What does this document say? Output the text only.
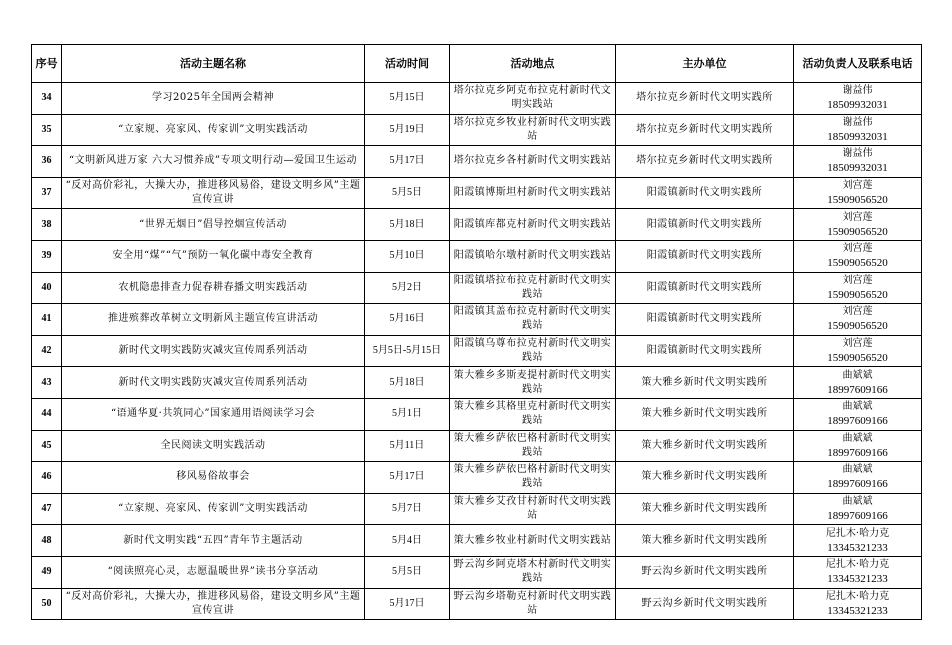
序号	活动主题名称	活动时间	活动地点	主办单位	活动负责人及联系电话
34	学习2025年全国两会精神	5月15日	塔尔拉克乡阿克布拉克村新时代文明实践站	塔尔拉克乡新时代文明实践所	谢益伟
18509932031

35	“立家规、亮家风、传家训”文明实践活动	5月19日	塔尔拉克乡牧业村新时代文明实践站	塔尔拉克乡新时代文明实践所	谢益伟
18509932031

36	“文明新风进万家 六大习惯养成”专项文明行动—爱国卫生运动	5月17日	塔尔拉克乡各村新时代文明实践站	塔尔拉克乡新时代文明实践所	谢益伟
18509932031

37	“反对高价彩礼，大操大办，推进移风易俗，建设文明乡风”主题宣传宣讲	5月5日	阳霞镇博斯坦村新时代文明实践站	阳霞镇新时代文明实践所	刘宫莲
15909056520

38	“世界无烟日”倡导控烟宣传活动	5月18日	阳霞镇库都克村新时代文明实践站	阳霞镇新时代文明实践所	刘宫莲
15909056520

39	安全用“煤”“气”预防一氧化碳中毒安全教育	5月10日	阳霞镇哈尔墩村新时代文明实践站	阳霞镇新时代文明实践所	刘宫莲
15909056520

40	农机隐患排查力促春耕春播文明实践活动	5月2日	阳霞镇塔拉布拉克村新时代文明实践站	阳霞镇新时代文明实践所	刘宫莲
15909056520

41	推进殡葬改革树立文明新风主题宣传宣讲活动	5月16日	阳霞镇其盖布拉克村新时代文明实践站	阳霞镇新时代文明实践所	刘宫莲
15909056520

42	新时代文明实践防灾减灾宣传周系列活动	5月5日-5月15日	阳霞镇乌尊布拉克村新时代文明实践站	阳霞镇新时代文明实践所	刘宫莲
15909056520

43	新时代文明实践防灾减灾宣传周系列活动	5月18日	策大雅乡多斯麦提村新时代文明实践站	策大雅乡新时代文明实践所	曲斌斌
18997609166

44	“语通华夏·共筑同心”国家通用语阅读学习会	5月1日	策大雅乡其格里克村新时代文明实践站	策大雅乡新时代文明实践所	曲斌斌
18997609166

45	全民阅读文明实践活动	5月11日	策大雅乡萨依巴格村新时代文明实践站	策大雅乡新时代文明实践所	曲斌斌
18997609166

46	移风易俗故事会	5月17日	策大雅乡萨依巴格村新时代文明实践站	策大雅乡新时代文明实践所	曲斌斌
18997609166

47	“立家规、亮家风、传家训”文明实践活动	5月7日	策大雅乡艾孜甘村新时代文明实践站	策大雅乡新时代文明实践所	曲斌斌
18997609166

48	新时代文明实践“五四”青年节主题活动	5月4日	策大雅乡牧业村新时代文明实践站	策大雅乡新时代文明实践所	尼扎木·哈力克
13345321233

49	“阅读照亮心灵，志愿温暖世界”读书分享活动	5月5日	野云沟乡阿克塔木村新时代文明实践站	野云沟乡新时代文明实践所	尼扎木·哈力克
13345321233

50	“反对高价彩礼，大操大办，推进移风易俗，建设文明乡风”主题宣传宣讲	5月17日	野云沟乡塔勒克村新时代文明实践站	野云沟乡新时代文明实践所	尼扎木·哈力克
13345321233
